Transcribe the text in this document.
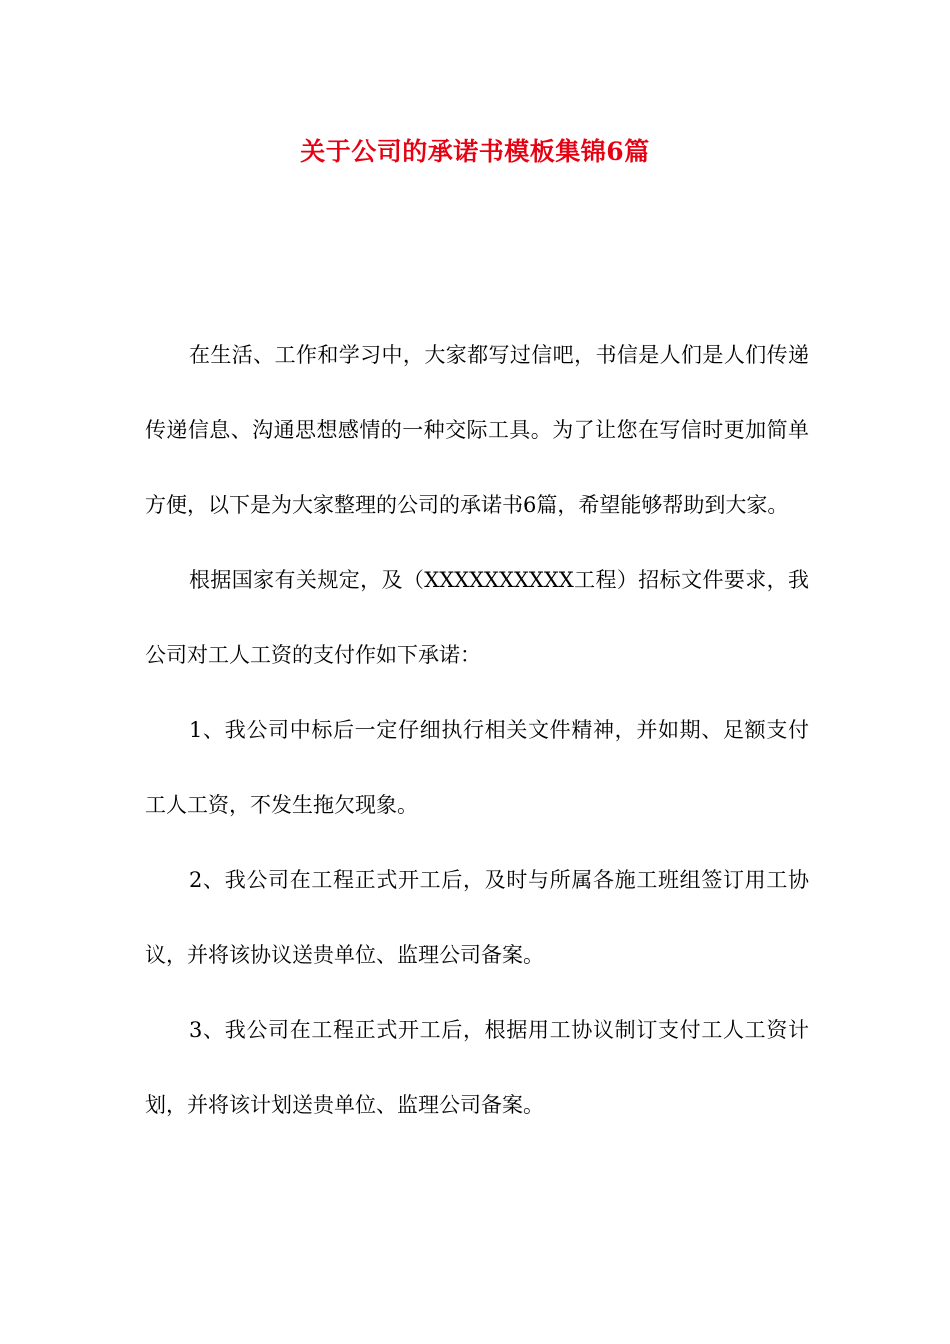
关于公司的承诺书模板集锦6篇

在生活、工作和学习中，大家都写过信吧，书信是人们是人们传递传递信息、沟通思想感情的一种交际工具。为了让您在写信时更加简单方便，以下是为大家整理的公司的承诺书6篇，希望能够帮助到大家。

根据国家有关规定，及（XXXXXXXXXX工程）招标文件要求，我公司对工人工资的支付作如下承诺：

1、我公司中标后一定仔细执行相关文件精神，并如期、足额支付工人工资，不发生拖欠现象。

2、我公司在工程正式开工后，及时与所属各施工班组签订用工协议，并将该协议送贵单位、监理公司备案。

3、我公司在工程正式开工后，根据用工协议制订支付工人工资计划，并将该计划送贵单位、监理公司备案。
